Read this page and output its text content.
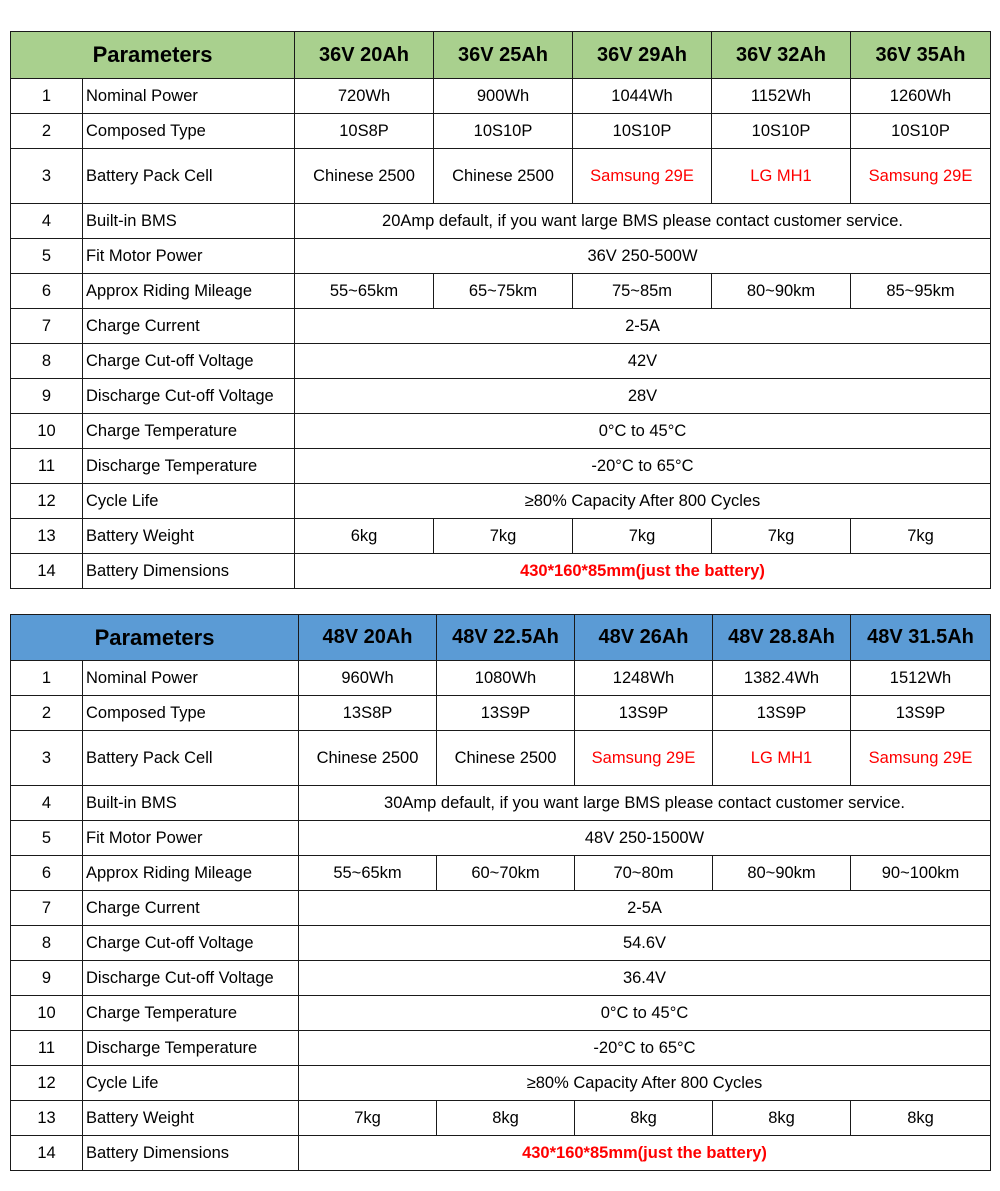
Parameters		36V 20Ah	36V 25Ah	36V 29Ah	36V 32Ah	36V 35Ah
1	Nominal Power	720Wh	900Wh	1044Wh	1152Wh	1260Wh
2	Composed Type	10S8P	10S10P	10S10P	10S10P	10S10P
3	Battery Pack Cell	Chinese 2500	Chinese 2500	Samsung 29E	LG MH1	Samsung 29E
4	Built-in BMS	20Amp default, if you want large BMS please contact customer service.				
5	Fit Motor Power	36V 250-500W				
6	Approx Riding Mileage	55~65km	65~75km	75~85m	80~90km	85~95km
7	Charge Current	2-5A				
8	Charge Cut-off Voltage	42V				
9	Discharge Cut-off Voltage	28V				
10	Charge Temperature	0°C to 45°C				
11	Discharge Temperature	-20°C to 65°C				
12	Cycle Life	≥80% Capacity After 800 Cycles				
13	Battery Weight	6kg	7kg	7kg	7kg	7kg
14	Battery Dimensions	430*160*85mm(just the battery)				
Parameters		48V 20Ah	48V 22.5Ah	48V 26Ah	48V 28.8Ah	48V 31.5Ah
1	Nominal Power	960Wh	1080Wh	1248Wh	1382.4Wh	1512Wh
2	Composed Type	13S8P	13S9P	13S9P	13S9P	13S9P
3	Battery Pack Cell	Chinese 2500	Chinese 2500	Samsung 29E	LG MH1	Samsung 29E
4	Built-in BMS	30Amp default, if you want large BMS please contact customer service.				
5	Fit Motor Power	48V 250-1500W				
6	Approx Riding Mileage	55~65km	60~70km	70~80m	80~90km	90~100km
7	Charge Current	2-5A				
8	Charge Cut-off Voltage	54.6V				
9	Discharge Cut-off Voltage	36.4V				
10	Charge Temperature	0°C to 45°C				
11	Discharge Temperature	-20°C to 65°C				
12	Cycle Life	≥80% Capacity After 800 Cycles				
13	Battery Weight	7kg	8kg	8kg	8kg	8kg
14	Battery Dimensions	430*160*85mm(just the battery)				
